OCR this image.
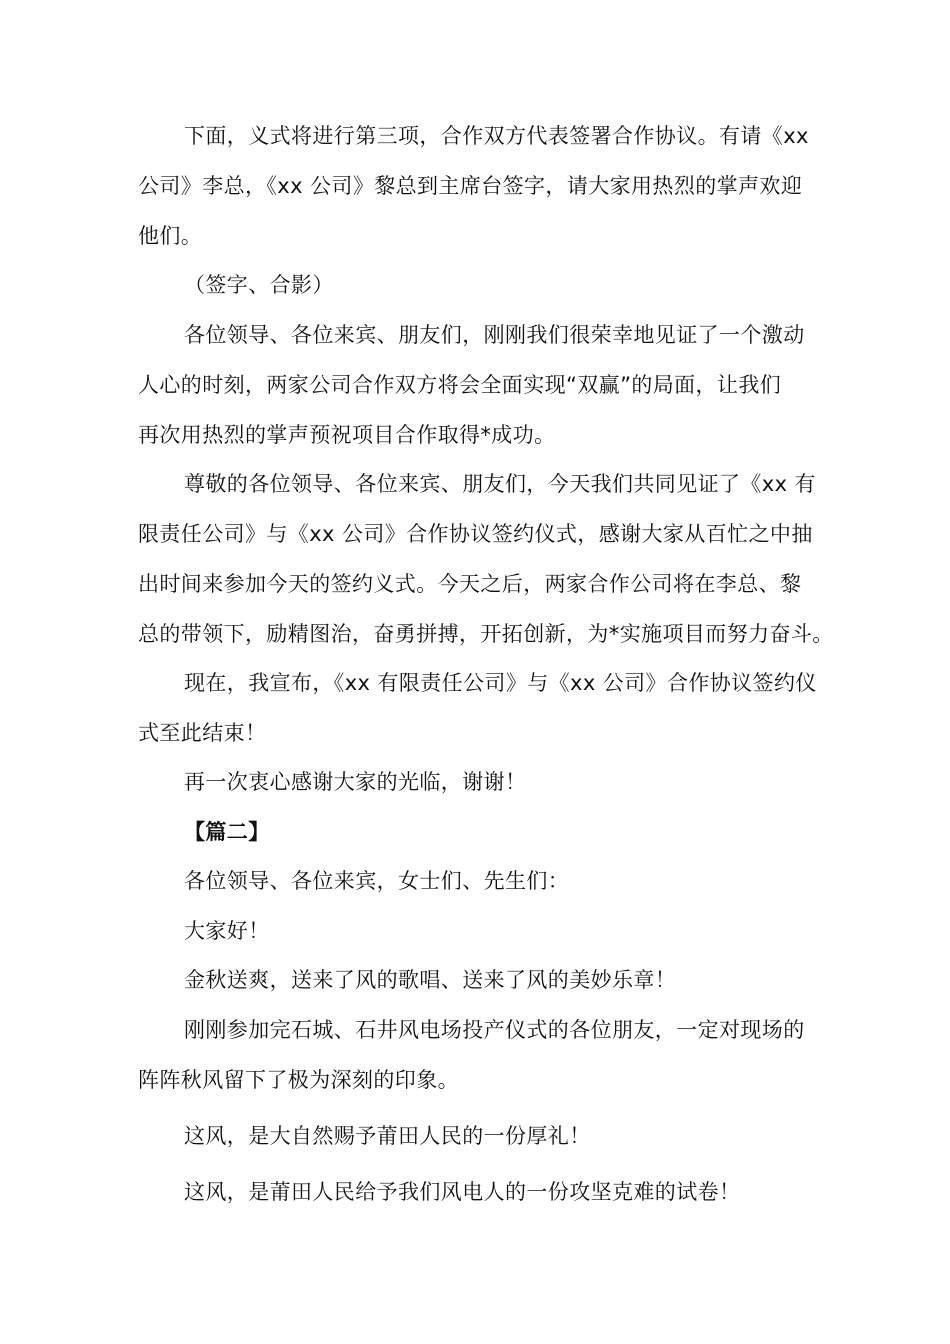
下面，义式将进行第三项，合作双方代表签署合作协议。有请《xx
公司》李总，《xx 公司》黎总到主席台签字，请大家用热烈的掌声欢迎
他们。
（签字、合影）
各位领导、各位来宾、朋友们，刚刚我们很荣幸地见证了一个激动
人心的时刻，两家公司合作双方将会全面实现“双赢”的局面，让我们
再次用热烈的掌声预祝项目合作取得*成功。
尊敬的各位领导、各位来宾、朋友们，今天我们共同见证了《xx 有
限责任公司》与《xx 公司》合作协议签约仪式，感谢大家从百忙之中抽
出时间来参加今天的签约义式。今天之后，两家合作公司将在李总、黎
总的带领下，励精图治，奋勇拼搏，开拓创新，为*实施项目而努力奋斗。
现在，我宣布，《xx 有限责任公司》与《xx 公司》合作协议签约仪
式至此结束！
再一次衷心感谢大家的光临，谢谢！
【篇二】
各位领导、各位来宾，女士们、先生们：
大家好！
金秋送爽，送来了风的歌唱、送来了风的美妙乐章！
刚刚参加完石城、石井风电场投产仪式的各位朋友，一定对现场的
阵阵秋风留下了极为深刻的印象。
这风，是大自然赐予莆田人民的一份厚礼！
这风，是莆田人民给予我们风电人的一份攻坚克难的试卷！
